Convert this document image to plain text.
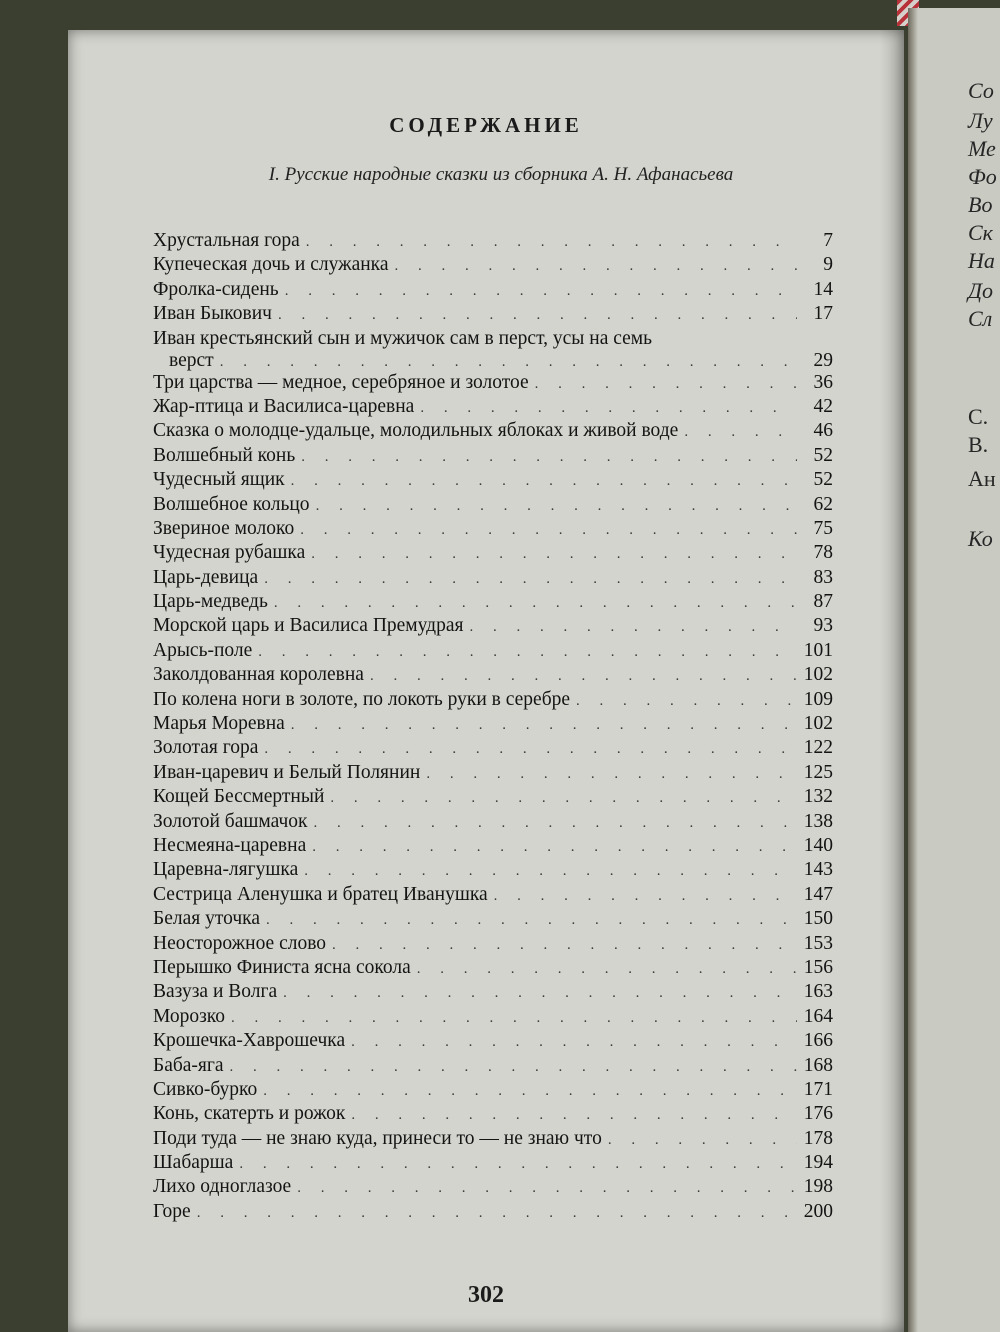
СОДЕРЖАНИЕ
I. Русские народные сказки из сборника А. Н. Афанасьева
Хрустальная гора . . .	7
Купеческая дочь и служанка . . .	9
Фролка-сидень . . .	14
Иван Быкович . . .	17
Иван крестьянский сын и мужичок сам в перст, усы на семь
верст . . .	29
Три царства — медное, серебряное и золотое . . .	36
Жар-птица и Василиса-царевна . . .	42
Сказка о молодце-удальце, молодильных яблоках и живой воде . . .	46
Волшебный конь . . .	52
Чудесный ящик . . .	52
Волшебное кольцо . . .	62
Звериное молоко . . .	75
Чудесная рубашка . . .	78
Царь-девица . . .	83
Царь-медведь . . .	87
Морской царь и Василиса Премудрая . . .	93
Арысь-поле . . .	101
Заколдованная королевна . . .	102
По колена ноги в золоте, по локоть руки в серебре . . .	109
Марья Моревна . . .	102
Золотая гора . . .	122
Иван-царевич и Белый Полянин . . .	125
Кощей Бессмертный . . .	132
Золотой башмачок . . .	138
Несмеяна-царевна . . .	140
Царевна-лягушка . . .	143
Сестрица Аленушка и братец Иванушка . . .	147
Белая уточка . . .	150
Неосторожное слово . . .	153
Перышко Финиста ясна сокола . . .	156
Вазуза и Волга . . .	163
Морозко . . .	164
Крошечка-Хаврошечка . . .	166
Баба-яга . . .	168
Сивко-бурко . . .	171
Конь, скатерть и рожок . . .	176
Поди туда — не знаю куда, принеси то — не знаю что . . .	178
Шабарша . . .	194
Лихо одноглазое . . .	198
Горе . . .	200
302
Со
Лу
Ме
Фо
Во
Ск
На
До
Сл
С.
В.
Ан
Ко
